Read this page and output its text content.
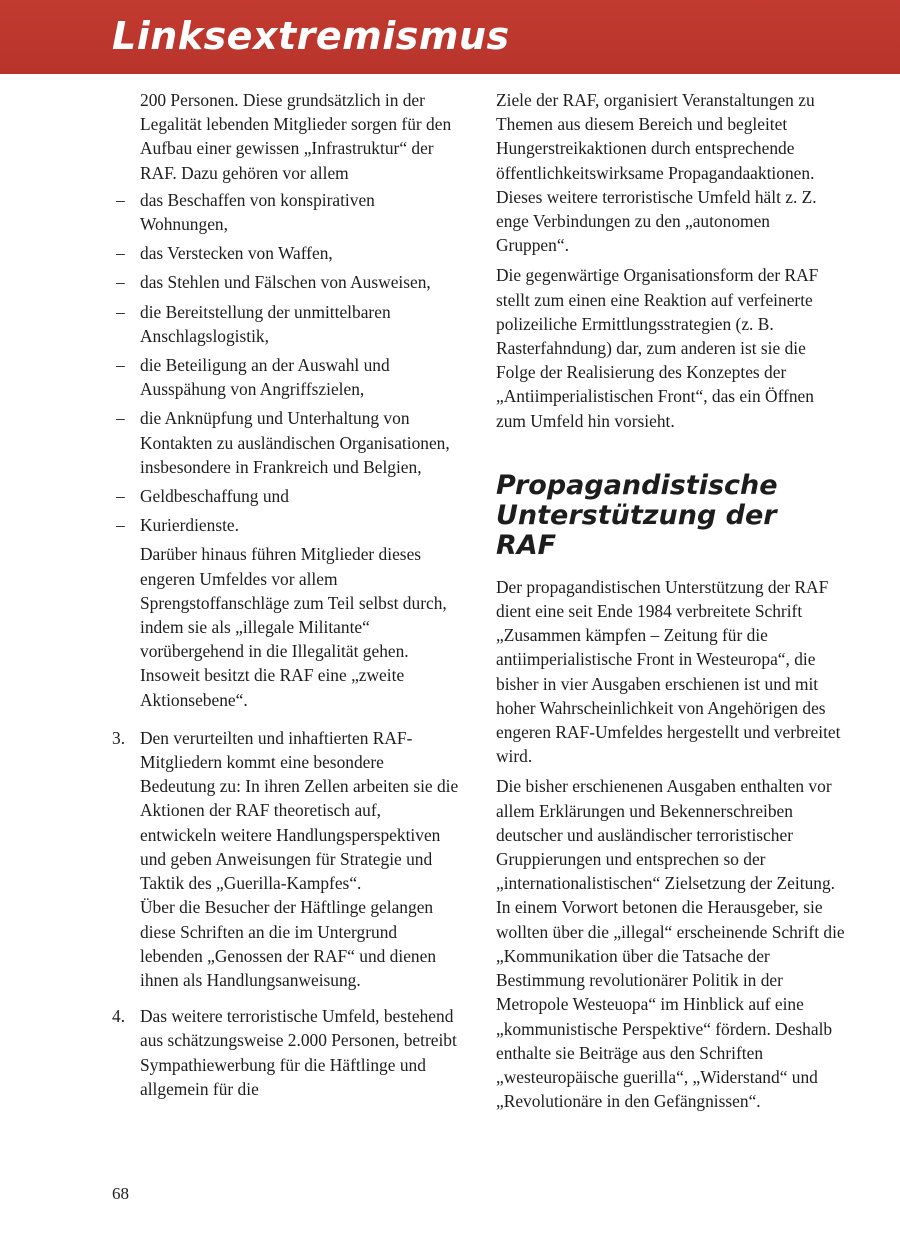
Linksextremismus

200 Personen. Diese grundsätzlich in der Legalität lebenden Mitglieder sorgen für den Aufbau einer gewissen „Infrastruktur“ der RAF. Dazu gehören vor allem

– das Beschaffen von konspirativen Wohnungen,
– das Verstecken von Waffen,
– das Stehlen und Fälschen von Ausweisen,
– die Bereitstellung der unmittelbaren Anschlagslogistik,
– die Beteiligung an der Auswahl und Ausspähung von Angriffszielen,
– die Anknüpfung und Unterhaltung von Kontakten zu ausländischen Organisationen, insbesondere in Frankreich und Belgien,
– Geldbeschaffung und
– Kurierdienste.

Darüber hinaus führen Mitglieder dieses engeren Umfeldes vor allem Sprengstoffanschläge zum Teil selbst durch, indem sie als „illegale Militante“ vorübergehend in die Illegalität gehen. Insoweit besitzt die RAF eine „zweite Aktionsebene“.

3. Den verurteilten und inhaftierten RAF-Mitgliedern kommt eine besondere Bedeutung zu: In ihren Zellen arbeiten sie die Aktionen der RAF theoretisch auf, entwickeln weitere Handlungsperspektiven und geben Anweisungen für Strategie und Taktik des „Guerilla-Kampfes“.

Über die Besucher der Häftlinge gelangen diese Schriften an die im Untergrund lebenden „Genossen der RAF“ und dienen ihnen als Handlungsanweisung.

4. Das weitere terroristische Umfeld, bestehend aus schätzungsweise 2.000 Personen, betreibt Sympathiewerbung für die Häftlinge und allgemein für die

Ziele der RAF, organisiert Veranstaltungen zu Themen aus diesem Bereich und begleitet Hungerstreikaktionen durch entsprechende öffentlichkeitswirksame Propagandaaktionen. Dieses weitere terroristische Umfeld hält z. Z. enge Verbindungen zu den „autonomen Gruppen“.

Die gegenwärtige Organisationsform der RAF stellt zum einen eine Reaktion auf verfeinerte polizeiliche Ermittlungsstrategien (z. B. Rasterfahndung) dar, zum anderen ist sie die Folge der Realisierung des Konzeptes der „Antiimperialistischen Front“, das ein Öffnen zum Umfeld hin vorsieht.

Propagandistische Unterstützung der RAF

Der propagandistischen Unterstützung der RAF dient eine seit Ende 1984 verbreitete Schrift „Zusammen kämpfen – Zeitung für die antiimperialistische Front in Westeuropa“, die bisher in vier Ausgaben erschienen ist und mit hoher Wahrscheinlichkeit von Angehörigen des engeren RAF-Umfeldes hergestellt und verbreitet wird.

Die bisher erschienenen Ausgaben enthalten vor allem Erklärungen und Bekennerschreiben deutscher und ausländischer terroristischer Gruppierungen und entsprechen so der „internationalistischen“ Zielsetzung der Zeitung. In einem Vorwort betonen die Herausgeber, sie wollten über die „illegal“ erscheinende Schrift die „Kommunikation über die Tatsache der Bestimmung revolutionärer Politik in der Metropole Westeuopa“ im Hinblick auf eine „kommunistische Perspektive“ fördern. Deshalb enthalte sie Beiträge aus den Schriften „westeuropäische guerilla“, „Widerstand“ und „Revolutionäre in den Gefängnissen“.

68
